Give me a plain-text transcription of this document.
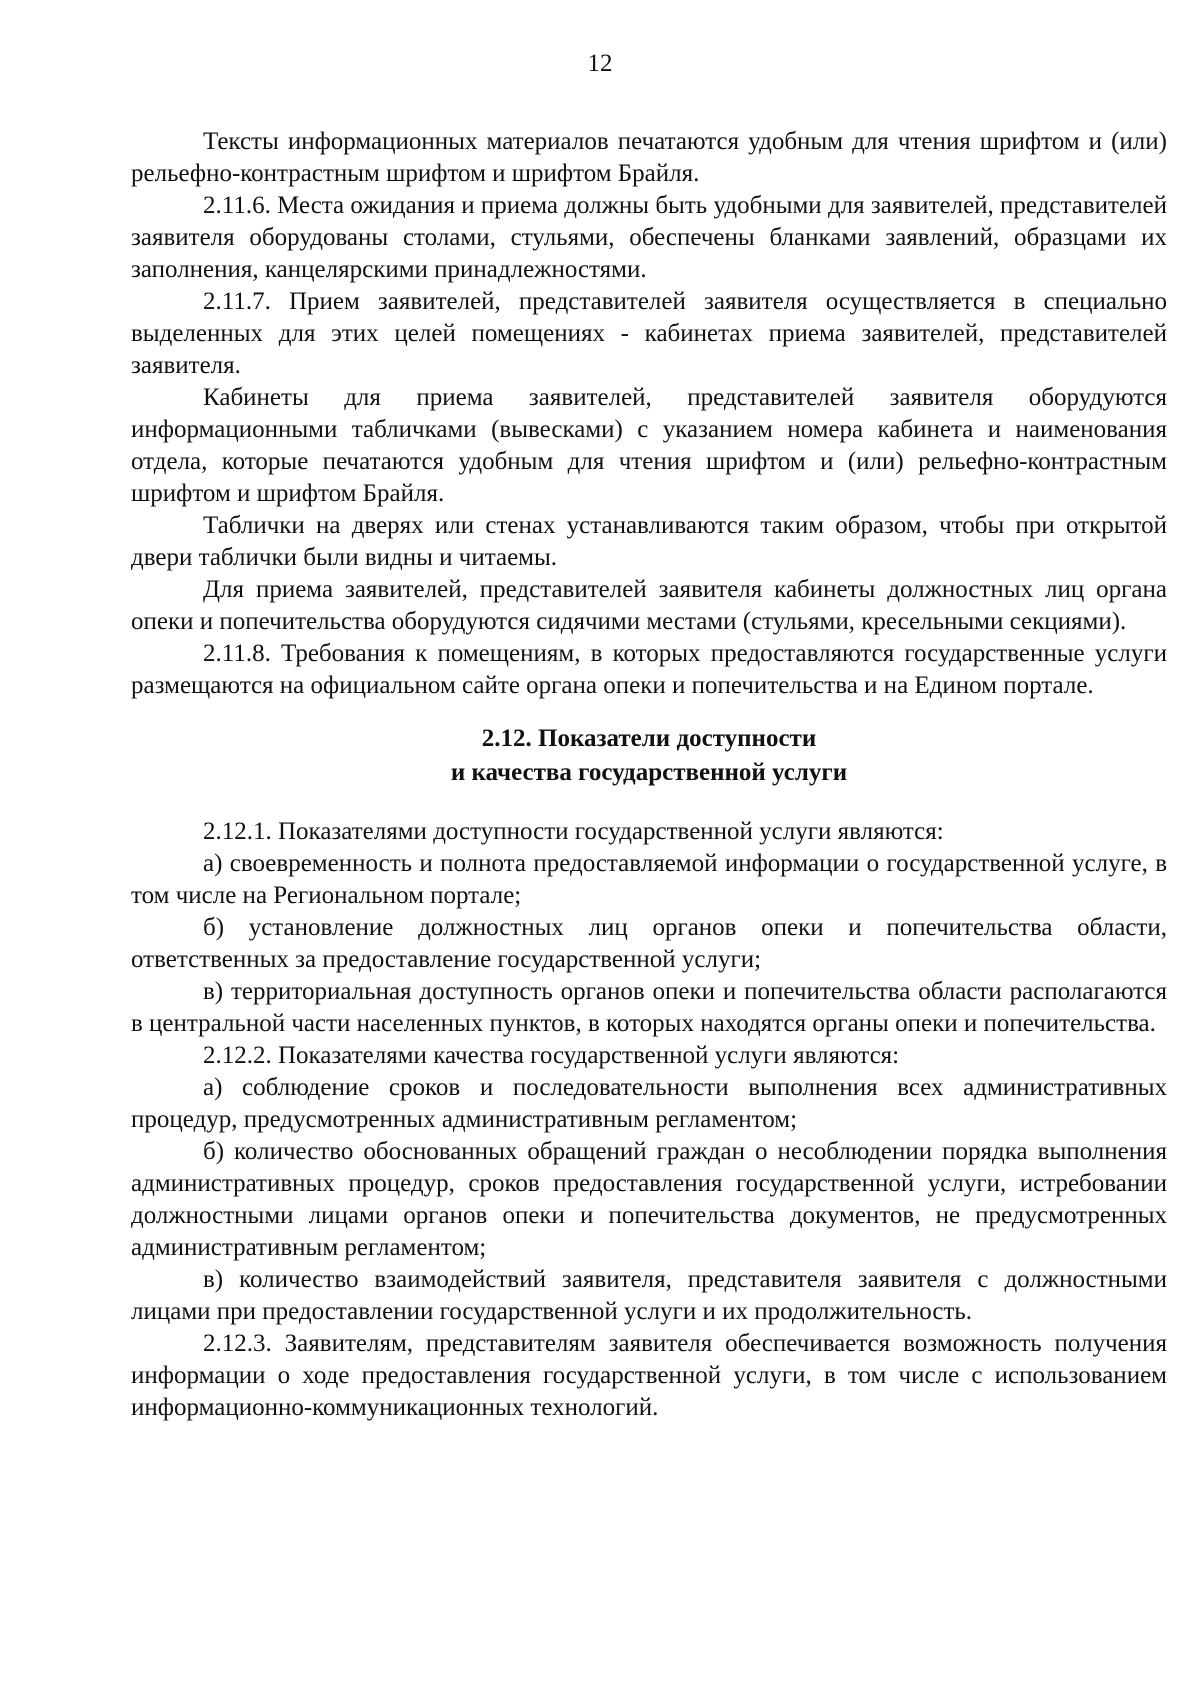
12

Тексты информационных материалов печатаются удобным для чтения шрифтом и (или) рельефно-контрастным шрифтом и шрифтом Брайля.

2.11.6. Места ожидания и приема должны быть удобными для заявителей, представителей заявителя оборудованы столами, стульями, обеспечены бланками заявлений, образцами их заполнения, канцелярскими принадлежностями.

2.11.7. Прием заявителей, представителей заявителя осуществляется в специально выделенных для этих целей помещениях - кабинетах приема заявителей, представителей заявителя.

Кабинеты для приема заявителей, представителей заявителя оборудуются информационными табличками (вывесками) с указанием номера кабинета и наименования отдела, которые печатаются удобным для чтения шрифтом и (или) рельефно-контрастным шрифтом и шрифтом Брайля.

Таблички на дверях или стенах устанавливаются таким образом, чтобы при открытой двери таблички были видны и читаемы.

Для приема заявителей, представителей заявителя кабинеты должностных лиц органа опеки и попечительства оборудуются сидячими местами (стульями, кресельными секциями).

2.11.8. Требования к помещениям, в которых предоставляются государственные услуги размещаются на официальном сайте органа опеки и попечительства и на Едином портале.

2.12. Показатели доступности
и качества государственной услуги

2.12.1. Показателями доступности государственной услуги являются:

а) своевременность и полнота предоставляемой информации о государственной услуге, в том числе на Региональном портале;

б) установление должностных лиц органов опеки и попечительства области, ответственных за предоставление государственной услуги;

в) территориальная доступность органов опеки и попечительства области располагаются в центральной части населенных пунктов, в которых находятся органы опеки и попечительства.

2.12.2. Показателями качества государственной услуги являются:

а) соблюдение сроков и последовательности выполнения всех административных процедур, предусмотренных административным регламентом;

б) количество обоснованных обращений граждан о несоблюдении порядка выполнения административных процедур, сроков предоставления государственной услуги, истребовании должностными лицами органов опеки и попечительства документов, не предусмотренных административным регламентом;

в) количество взаимодействий заявителя, представителя заявителя с должностными лицами при предоставлении государственной услуги и их продолжительность.

2.12.3. Заявителям, представителям заявителя обеспечивается возможность получения информации о ходе предоставления государственной услуги, в том числе с использованием информационно-коммуникационных технологий.
